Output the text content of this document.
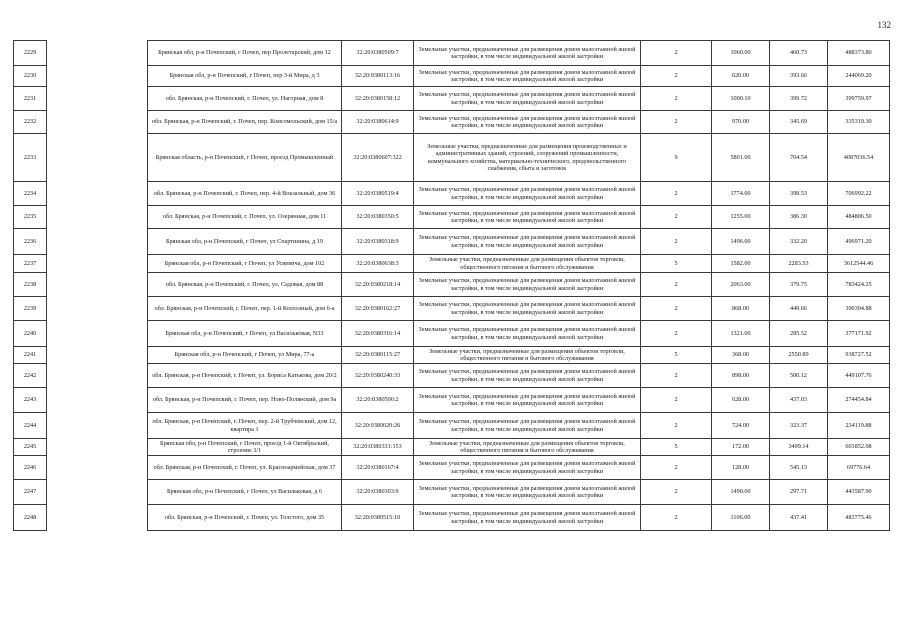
132
2229		Брянская обл, р-н Почепский, г Почеп, пер Пролетарский, дом 12	32:20:0380509:7	Земельные участки, предназначенные для размещения домов малоэтажной жилой застройки, в том числе индивидуальной жилой застройки	2	1060.00	460.73	488373.80
2230		Брянская обл, р-н Почепский, г Почеп, пер 3-й Мира, д 3	32:20:0380113:16	Земельные участки, предназначенные для размещения домов малоэтажной жилой застройки, в том числе индивидуальной жилой застройки	2	620.00	393.66	244069.20
2231		обл. Брянская, р-н Почепский, г. Почеп, ул. Нагорная, дом 8	32:20:0380158:12	Земельные участки, предназначенные для размещения домов малоэтажной жилой застройки, в том числе индивидуальной жилой застройки	2	1000.10	399.72	399759.97
2232		обл. Брянская, р-н Почепский, г. Почеп, пер. Комсомольский, дом 15/а	32:20:0380614:9	Земельные участки, предназначенные для размещения домов малоэтажной жилой застройки, в том числе индивидуальной жилой застройки	2	970.00	345.69	335319.30
2233		Брянская область, р-н Почепский, г Почеп, проезд Промышленный	32:20:0380607:322	Земельные участки, предназначенные для размещения производственных и административных зданий, строений, сооружений промышленности, коммунального хозяйства, материально-технического, продовольственного снабжения, сбыта и заготовок	9	5801.00	704.54	4087036.54
2234		обл. Брянская, р-н Почепский, г. Почеп, пер. 4-й Вокзальный, дом 36	32:20:0380519:4	Земельные участки, предназначенные для размещения домов малоэтажной жилой застройки, в том числе индивидуальной жилой застройки	2	1774.00	398.53	706992.22
2235		обл. Брянская, р-н Почепский, г. Почеп, ул. Озерянная, дом 11	32:20:0380350:5	Земельные участки, предназначенные для размещения домов малоэтажной жилой застройки, в том числе индивидуальной жилой застройки	2	1255.00	386.30	484806.50
2236		Брянская обл, р-н Почепский, г Почеп, ул Спартинина, д 19	32:20:0380318:9	Земельные участки, предназначенные для размещения домов малоэтажной жилой застройки, в том числе индивидуальной жилой застройки	2	1496.00	332.20	496971.20
2237		Брянская обл, р-н Почепский, г Почеп, ул Усиевича, дом 102	32:20:0380638:3	Земельные участки, предназначенные для размещения объектов торговли, общественного питания и бытового обслуживания	5	1582.00	2283.53	3612544.46
2238		обл. Брянская, р-н Почепский, г. Почеп, ул. Садовая, дом 88	32:20:0380218:14	Земельные участки, предназначенные для размещения домов малоэтажной жилой застройки, в том числе индивидуальной жилой застройки	2	2063.00	379.75	783424.25
2239		обл. Брянская, р-н Почепский, г. Почеп, пер. 1-й Колхозный, дом 6-а	32:20:0380162:27	Земельные участки, предназначенные для размещения домов малоэтажной жилой застройки, в том числе индивидуальной жилой застройки	2	868.00	449.66	390304.88
2240		Брянская обл, р-н Почепский, г Почеп, ул Васильковая, N33	32:20:0380316:14	Земельные участки, предназначенные для размещения домов малоэтажной жилой застройки, в том числе индивидуальной жилой застройки	2	1321.00	285.52	377171.92
2241		Брянская обл, р-н Почепский, г Почеп, ул Мира, 77-а	32:20:0380115:27	Земельные участки, предназначенные для размещения объектов торговли, общественного питания и бытового обслуживания	5	368.00	2550.89	938727.52
2242		обл. Брянская, р-н Почепский, г. Почеп, ул. Бориса Катькова, дом 20/2	32:20:0380240:33	Земельные участки, предназначенные для размещения домов малоэтажной жилой застройки, в том числе индивидуальной жилой застройки	2	898.00	500.12	449107.76
2243		обл. Брянская, р-н Почепский, г. Почеп, пер. Ново-Полянский, дом 9а	32:20:0380506:2	Земельные участки, предназначенные для размещения домов малоэтажной жилой застройки, в том числе индивидуальной жилой застройки	2	628.00	437.03	274454.84
2244		обл. Брянская, р-н Почепский, г. Почеп, пер. 2-й Трубчевский, дом 12, квартира 1	32:20:0380620:26	Земельные участки, предназначенные для размещения домов малоэтажной жилой застройки, в том числе индивидуальной жилой застройки	2	724.00	323.37	234119.88
2245		Брянская обл, р-н Почепский, г Почеп, проезд 1-й Октябрьский, строение 3/1	32:20:0380331:153	Земельные участки, предназначенные для размещения объектов торговли, общественного питания и бытового обслуживания	5	172.00	3499.14	601852.08
2246		обл. Брянская, р-н Почепский, г. Почеп, ул. Красноармейская, дом 37	32:20:0380167:4	Земельные участки, предназначенные для размещения домов малоэтажной жилой застройки, в том числе индивидуальной жилой застройки	2	128.00	545.13	69776.64
2247		Брянская обл, р-н Почепский, г Почеп, ул Васильковая, д 6	32:20:0380303:9	Земельные участки, предназначенные для размещения домов малоэтажной жилой застройки, в том числе индивидуальной жилой застройки	2	1490.00	297.71	443587.90
2248		обл. Брянская, р-н Почепский, г. Почеп, ул. Толстого, дом 35	32:20:0380515:10	Земельные участки, предназначенные для размещения домов малоэтажной жилой застройки, в том числе индивидуальной жилой застройки	2	1106.00	437.41	483775.46
